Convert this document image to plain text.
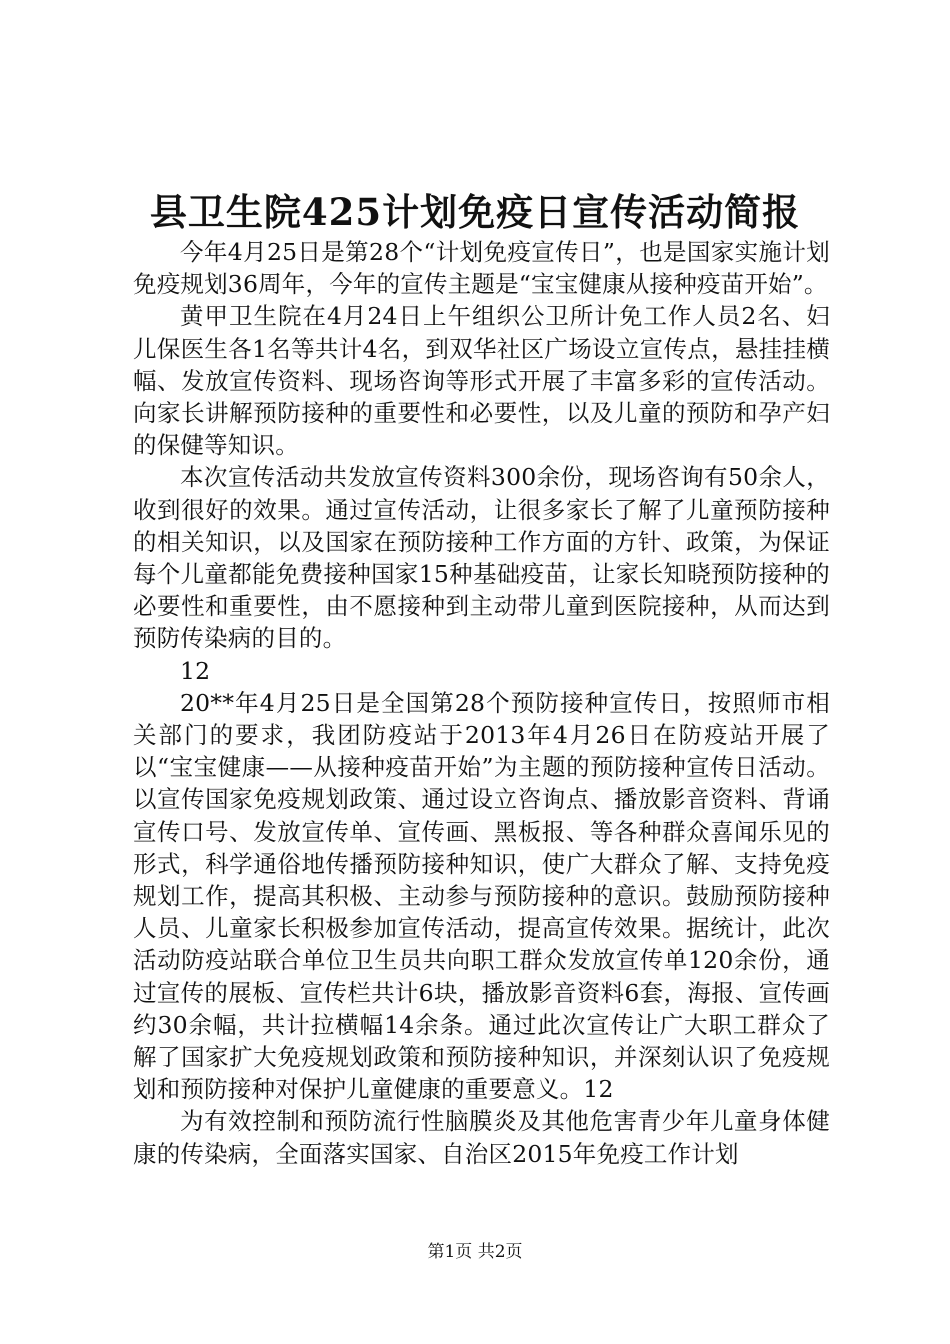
县卫生院425计划免疫日宣传活动简报

今年4月25日是第28个“计划免疫宣传日”，也是国家实施计划免疫规划36周年，今年的宣传主题是“宝宝健康从接种疫苗开始”。

黄甲卫生院在4月24日上午组织公卫所计免工作人员2名、妇儿保医生各1名等共计4名，到双华社区广场设立宣传点，悬挂挂横幅、发放宣传资料、现场咨询等形式开展了丰富多彩的宣传活动。向家长讲解预防接种的重要性和必要性，以及儿童的预防和孕产妇的保健等知识。

本次宣传活动共发放宣传资料300余份，现场咨询有50余人，收到很好的效果。通过宣传活动，让很多家长了解了儿童预防接种的相关知识，以及国家在预防接种工作方面的方针、政策，为保证每个儿童都能免费接种国家15种基础疫苗，让家长知晓预防接种的必要性和重要性，由不愿接种到主动带儿童到医院接种，从而达到预防传染病的目的。

12

20**年4月25日是全国第28个预防接种宣传日，按照师市相关部门的要求，我团防疫站于2013年4月26日在防疫站开展了以“宝宝健康——从接种疫苗开始”为主题的预防接种宣传日活动。以宣传国家免疫规划政策、通过设立咨询点、播放影音资料、背诵宣传口号、发放宣传单、宣传画、黑板报、等各种群众喜闻乐见的形式，科学通俗地传播预防接种知识，使广大群众了解、支持免疫规划工作，提高其积极、主动参与预防接种的意识。鼓励预防接种人员、儿童家长积极参加宣传活动，提高宣传效果。据统计，此次活动防疫站联合单位卫生员共向职工群众发放宣传单120余份，通过宣传的展板、宣传栏共计6块，播放影音资料6套，海报、宣传画约30余幅，共计拉横幅14余条。通过此次宣传让广大职工群众了解了国家扩大免疫规划政策和预防接种知识，并深刻认识了免疫规划和预防接种对保护儿童健康的重要意义。12

为有效控制和预防流行性脑膜炎及其他危害青少年儿童身体健康的传染病，全面落实国家、自治区2015年免疫工作计划

第1页 共2页
